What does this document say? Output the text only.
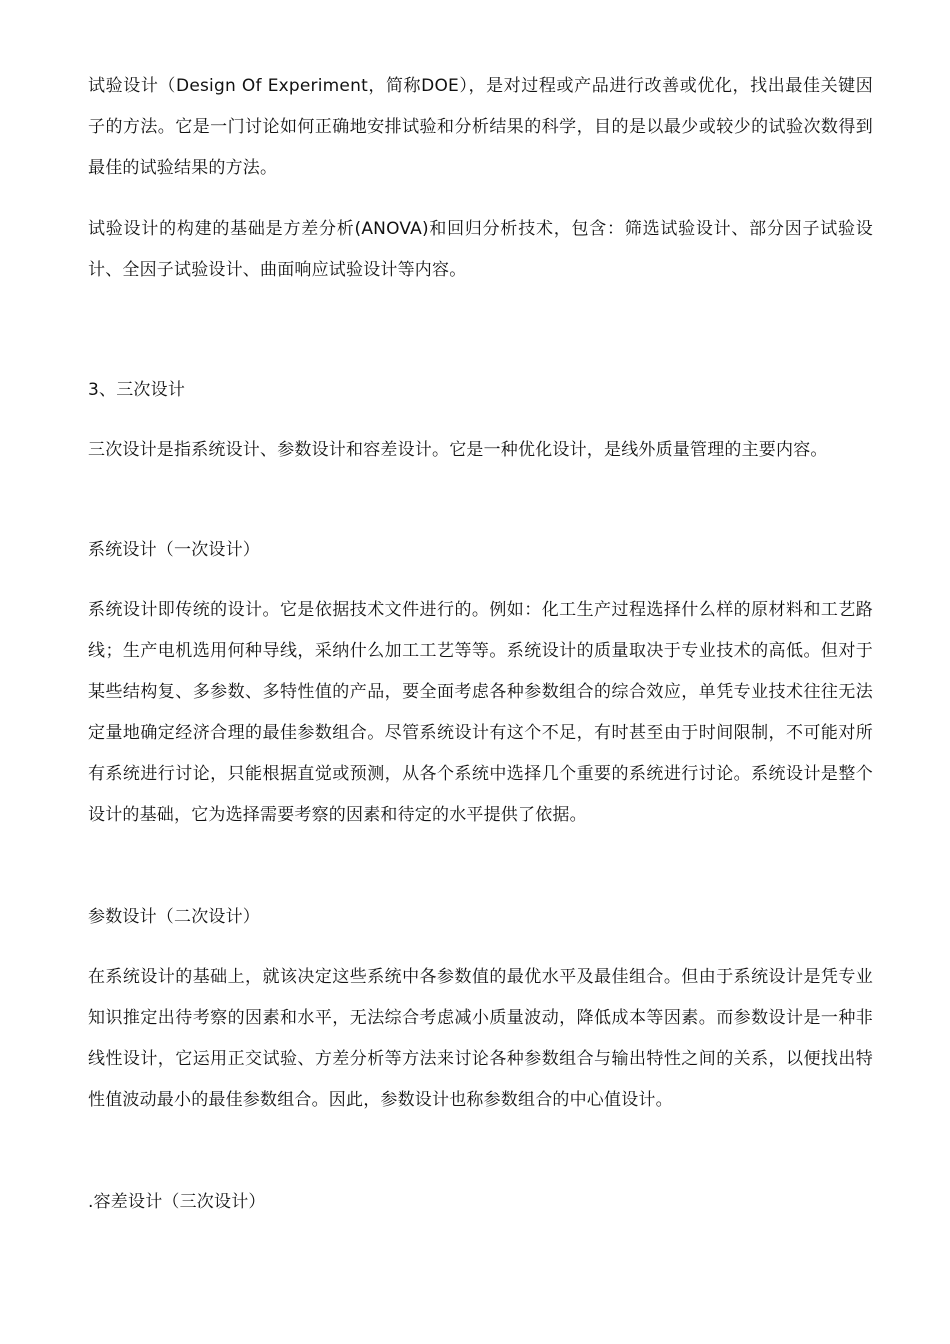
试验设计（Design Of Experiment，简称DOE），是对过程或产品进行改善或优化，找出最佳关键因子的方法。它是一门讨论如何正确地安排试验和分析结果的科学，目的是以最少或较少的试验次数得到最佳的试验结果的方法。

试验设计的构建的基础是方差分析(ANOVA)和回归分析技术，包含：筛选试验设计、部分因子试验设计、全因子试验设计、曲面响应试验设计等内容。

3、三次设计

三次设计是指系统设计、参数设计和容差设计。它是一种优化设计，是线外质量管理的主要内容。

系统设计（一次设计）

系统设计即传统的设计。它是依据技术文件进行的。例如：化工生产过程选择什么样的原材料和工艺路线；生产电机选用何种导线，采纳什么加工工艺等等。系统设计的质量取决于专业技术的高低。但对于某些结构复、多参数、多特性值的产品，要全面考虑各种参数组合的综合效应，单凭专业技术往往无法定量地确定经济合理的最佳参数组合。尽管系统设计有这个不足，有时甚至由于时间限制，不可能对所有系统进行讨论，只能根据直觉或预测，从各个系统中选择几个重要的系统进行讨论。系统设计是整个设计的基础，它为选择需要考察的因素和待定的水平提供了依据。

参数设计（二次设计）

在系统设计的基础上，就该决定这些系统中各参数值的最优水平及最佳组合。但由于系统设计是凭专业知识推定出待考察的因素和水平，无法综合考虑减小质量波动，降低成本等因素。而参数设计是一种非线性设计，它运用正交试验、方差分析等方法来讨论各种参数组合与输出特性之间的关系，以便找出特性值波动最小的最佳参数组合。因此，参数设计也称参数组合的中心值设计。

.容差设计（三次设计）
